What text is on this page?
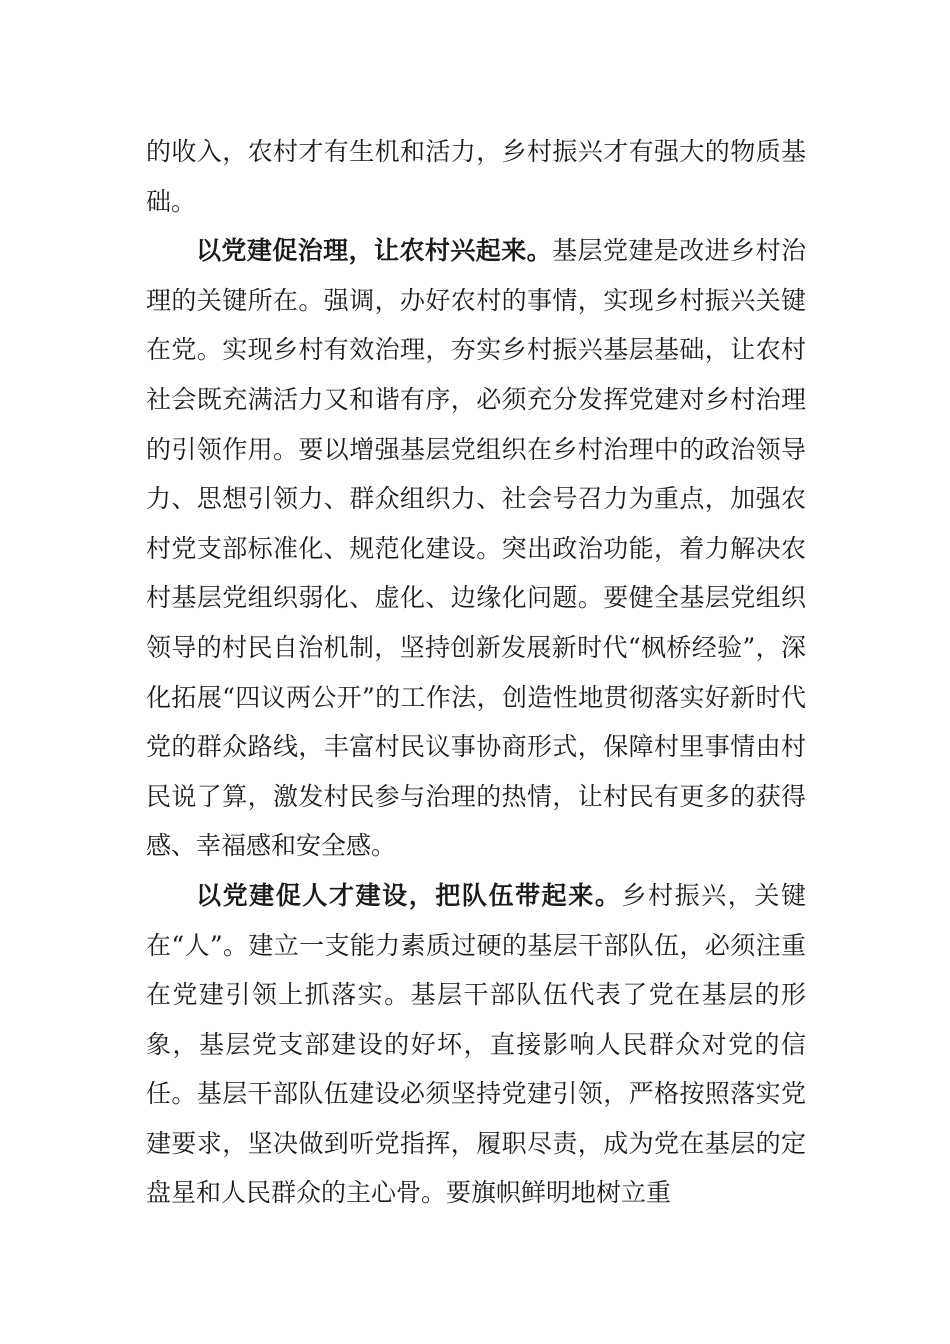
的收入，农村才有生机和活力，乡村振兴才有强大的物质基础。

以党建促治理，让农村兴起来。基层党建是改进乡村治理的关键所在。强调，办好农村的事情，实现乡村振兴关键在党。实现乡村有效治理，夯实乡村振兴基层基础，让农村社会既充满活力又和谐有序，必须充分发挥党建对乡村治理的引领作用。要以增强基层党组织在乡村治理中的政治领导力、思想引领力、群众组织力、社会号召力为重点，加强农村党支部标准化、规范化建设。突出政治功能，着力解决农村基层党组织弱化、虚化、边缘化问题。要健全基层党组织领导的村民自治机制，坚持创新发展新时代“枫桥经验”，深化拓展“四议两公开”的工作法，创造性地贯彻落实好新时代党的群众路线，丰富村民议事协商形式，保障村里事情由村民说了算，激发村民参与治理的热情，让村民有更多的获得感、幸福感和安全感。

以党建促人才建设，把队伍带起来。乡村振兴，关键在“人”。建立一支能力素质过硬的基层干部队伍，必须注重在党建引领上抓落实。基层干部队伍代表了党在基层的形象，基层党支部建设的好坏，直接影响人民群众对党的信任。基层干部队伍建设必须坚持党建引领，严格按照落实党建要求，坚决做到听党指挥，履职尽责，成为党在基层的定盘星和人民群众的主心骨。要旗帜鲜明地树立重
